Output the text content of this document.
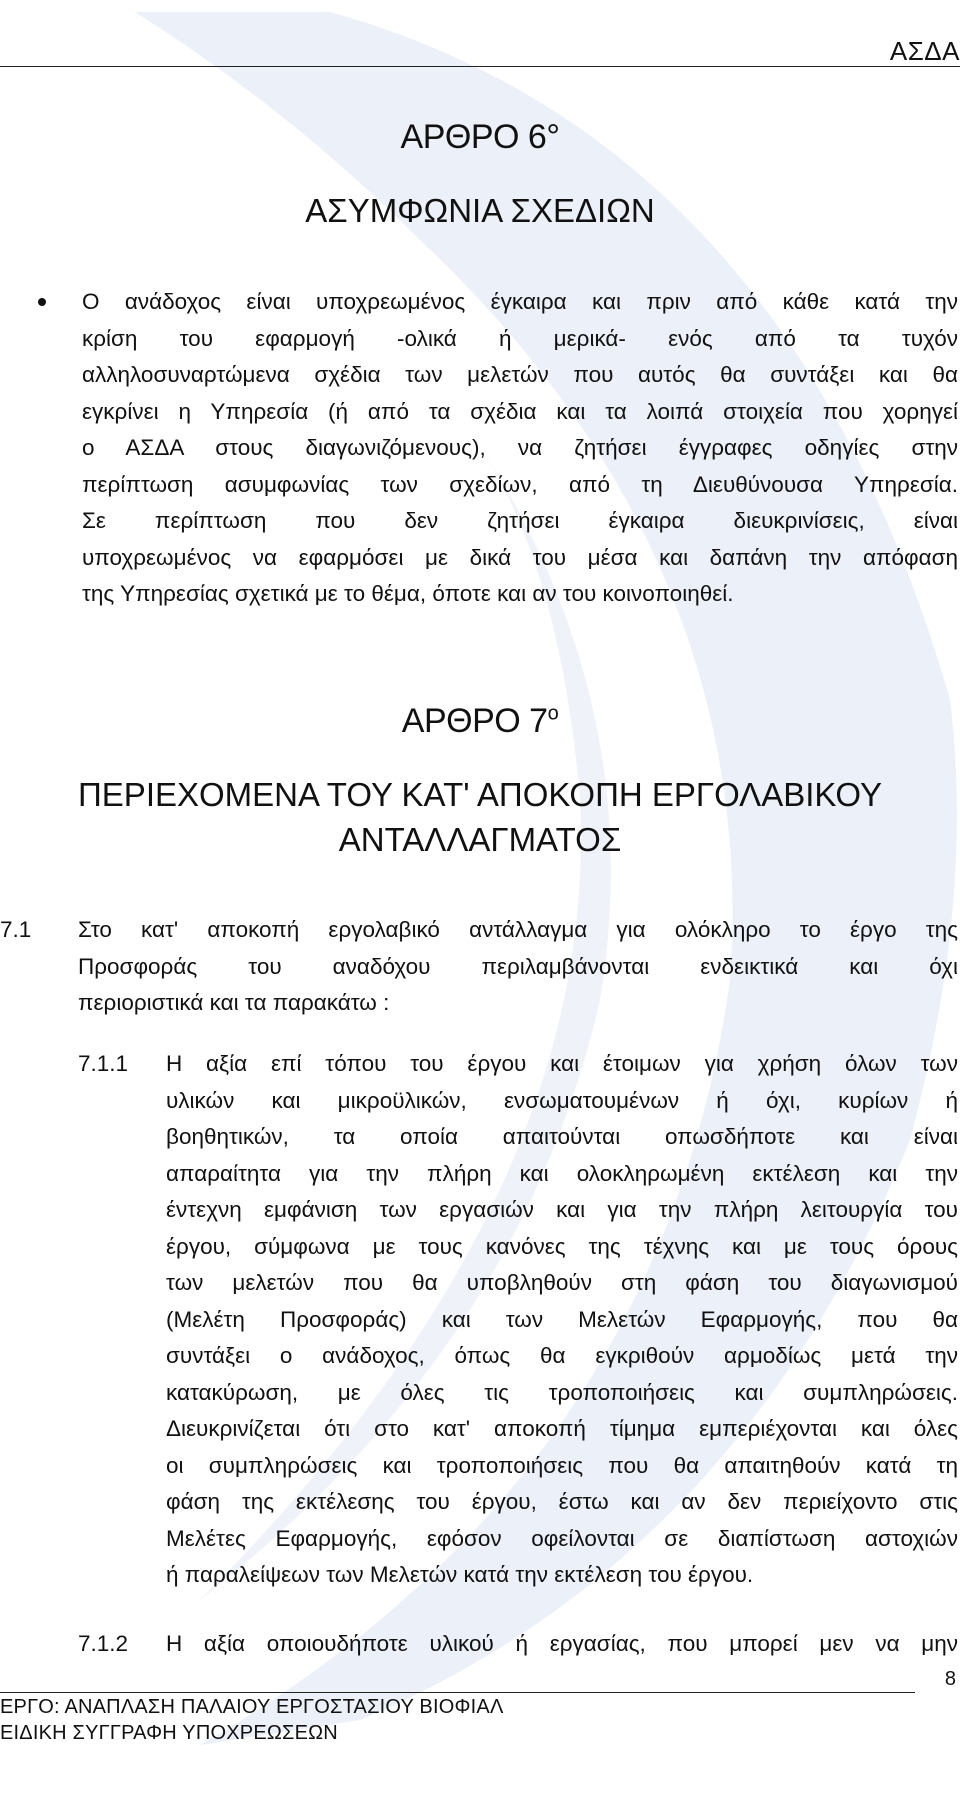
ΑΣΔΑ
ΑΡΘΡΟ 6°
ΑΣΥΜΦΩΝΙΑ ΣΧΕΔΙΩΝ
Ο ανάδοχος είναι υποχρεωμένος έγκαιρα και πριν από κάθε κατά την
κρίση του εφαρμογή -ολικά ή μερικά- ενός από τα τυχόν
αλληλοσυναρτώμενα σχέδια των μελετών που αυτός θα συντάξει και θα
εγκρίνει η Υπηρεσία (ή από τα σχέδια και τα λοιπά στοιχεία που χορηγεί
ο ΑΣΔΑ στους διαγωνιζόμενους), να ζητήσει έγγραφες οδηγίες στην
περίπτωση ασυμφωνίας των σχεδίων, από τη Διευθύνουσα Υπηρεσία.
Σε περίπτωση που δεν ζητήσει έγκαιρα διευκρινίσεις, είναι
υποχρεωμένος να εφαρμόσει με δικά του μέσα και δαπάνη την απόφαση
της Υπηρεσίας σχετικά με το θέμα, όποτε και αν του κοινοποιηθεί.
ΑΡΘΡΟ $7^o$
ΠΕΡΙΕΧΟΜΕΝΑ ΤΟΥ ΚΑΤ' ΑΠΟΚΟΠΗ ΕΡΓΟΛΑΒΙΚΟΥ
ΑΝΤΑΛΛΑΓΜΑΤΟΣ
7.1 Στο κατ' αποκοπή εργολαβικό αντάλλαγμα για ολόκληρο το έργο της
Προσφοράς του αναδόχου περιλαμβάνονται ενδεικτικά και όχι
περιοριστικά και τα παρακάτω :
7.1.1 Η αξία επί τόπου του έργου και έτοιμων για χρήση όλων των
υλικών και μικροϋλικών, ενσωματουμένων ή όχι, κυρίων ή
βοηθητικών, τα οποία απαιτούνται οπωσδήποτε και είναι
απαραίτητα για την πλήρη και ολοκληρωμένη εκτέλεση και την
έντεχνη εμφάνιση των εργασιών και για την πλήρη λειτουργία του
έργου, σύμφωνα με τους κανόνες της τέχνης και με τους όρους
των μελετών που θα υποβληθούν στη φάση του διαγωνισμού
(Μελέτη Προσφοράς) και των Μελετών Εφαρμογής, που θα
συντάξει ο ανάδοχος, όπως θα εγκριθούν αρμοδίως μετά την
κατακύρωση, με όλες τις τροποποιήσεις και συμπληρώσεις.
Διευκρινίζεται ότι στο κατ' αποκοπή τίμημα εμπεριέχονται και όλες
οι συμπληρώσεις και τροποποιήσεις που θα απαιτηθούν κατά τη
φάση της εκτέλεσης του έργου, έστω και αν δεν περιείχοντο στις
Μελέτες Εφαρμογής, εφόσον οφείλονται σε διαπίστωση αστοχιών
ή παραλείψεων των Μελετών κατά την εκτέλεση του έργου.
7.1.2 Η αξία οποιουδήποτε υλικού ή εργασίας, που μπορεί μεν να μην
8
ΕΡΓΟ: ΑΝΑΠΛΑΣΗ ΠΑΛΑΙΟΥ ΕΡΓΟΣΤΑΣΙΟΥ ΒΙΟΦΙΑΛ
ΕΙΔΙΚΗ ΣΥΓΓΡΑΦΗ ΥΠΟΧΡΕΩΣΕΩΝ
